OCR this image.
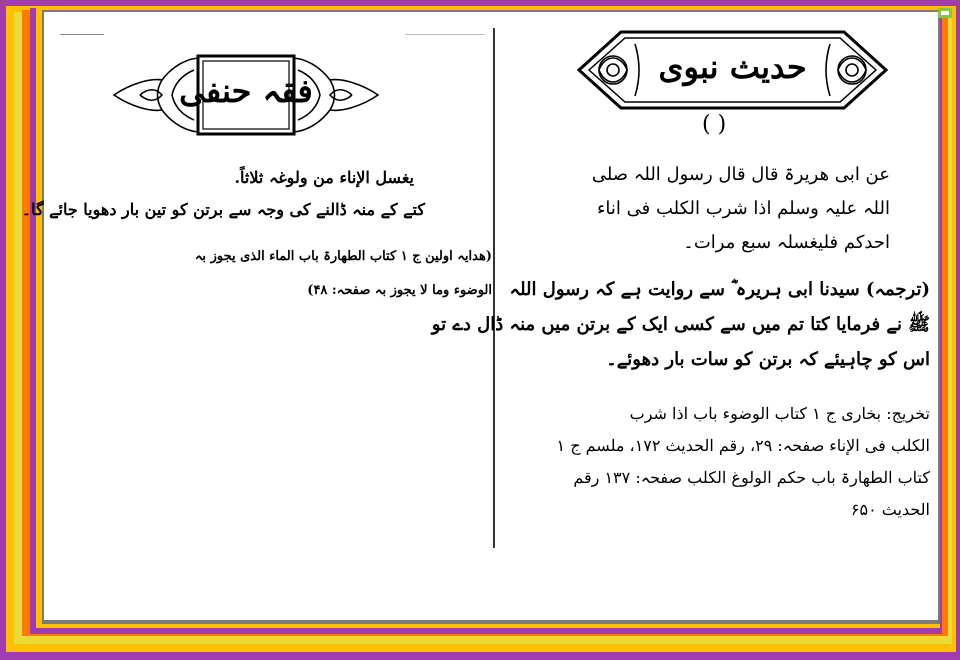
حدیث نبوی
( )
عن ابی ھریرۃ قال قال رسول اللہ صلی
اللہ علیہ وسلم اذا شرب الکلب فی اناء
احدکم فلیغسلہ سبع مرات۔
(ترجمہ) سیدنا ابی ہریرہ ؓ سے روایت ہے کہ رسول اللہ
ﷺ نے فرمایا کتا تم میں سے کسی ایک کے برتن میں منہ ڈال دے تو
اس کو چاہیئے کہ برتن کو سات بار دھوئے۔
تخریج: بخاری ج ۱ کتاب الوضوء باب اذا شرب
الکلب فی الإناء صفحہ: ۲۹، رقم الحدیث ۱۷۲، ملسم ج ۱
کتاب الطھارۃ باب حکم الولوغ الکلب صفحہ: ۱۳۷ رقم
الحدیث ۶۵۰
فقہ حنفی
یغسل الإناء من ولوغہ ثلاثاً.
کتے کے منہ ڈالنے کی وجہ سے برتن کو تین بار دھویا جائے گا۔
(ھدایہ اولین ج ۱ کتاب الطھارۃ باب الماء الذی یجوز بہ
الوضوء وما لا یجوز بہ صفحہ: ۴۸)
